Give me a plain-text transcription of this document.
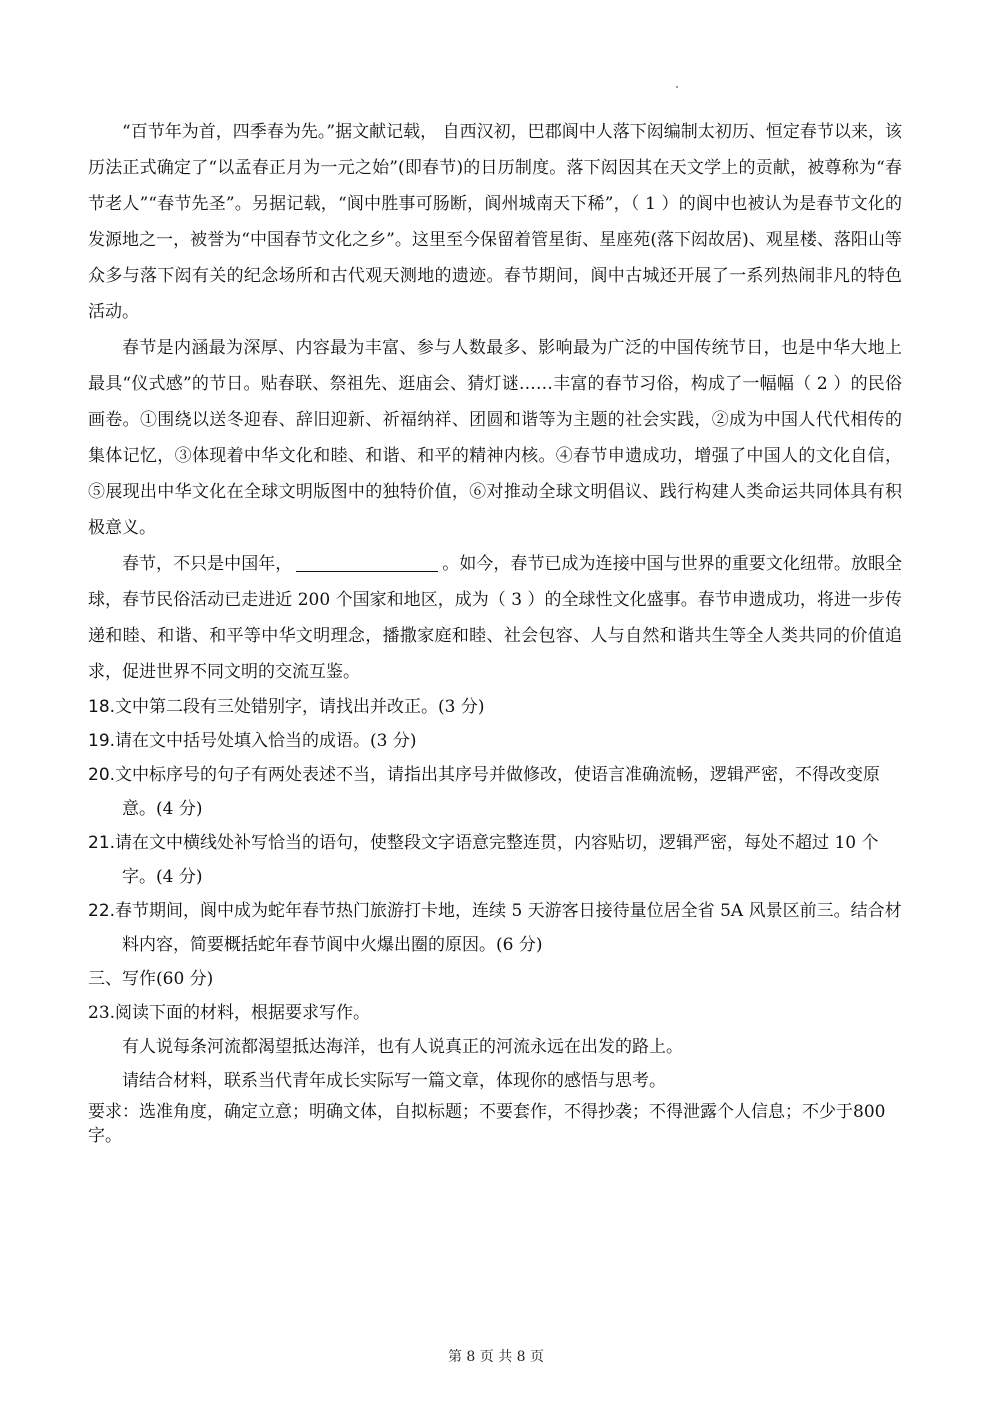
“百节年为首，四季春为先。”据文献记载， 自西汉初，巴郡阆中人落下闳编制太初历、恒定春节以来，该历法正式确定了“以孟春正月为一元之始”(即春节)的日历制度。落下闳因其在天文学上的贡献，被尊称为“春节老人”“春节先圣”。另据记载，“阆中胜事可肠断，阆州城南天下稀”，（ 1 ）的阆中也被认为是春节文化的发源地之一，被誉为“中国春节文化之乡”。这里至今保留着管星街、星座苑(落下闳故居)、观星楼、落阳山等众多与落下闳有关的纪念场所和古代观天测地的遗迹。春节期间，阆中古城还开展了一系列热闹非凡的特色活动。

春节是内涵最为深厚、内容最为丰富、参与人数最多、影响最为广泛的中国传统节日，也是中华大地上最具“仪式感”的节日。贴春联、祭祖先、逛庙会、猜灯谜……丰富的春节习俗，构成了一幅幅（ 2 ）的民俗画卷。①围绕以送冬迎春、辞旧迎新、祈福纳祥、团圆和谐等为主题的社会实践，②成为中国人代代相传的集体记忆，③体现着中华文化和睦、和谐、和平的精神内核。④春节申遗成功，增强了中国人的文化自信，⑤展现出中华文化在全球文明版图中的独特价值，⑥对推动全球文明倡议、践行构建人类命运共同体具有积极意义。

春节，不只是中国年，	。如今，春节已成为连接中国与世界的重要文化纽带。放眼全球，春节民俗活动已走进近 200 个国家和地区，成为（ 3 ）的全球性文化盛事。春节申遗成功，将进一步传递和睦、和谐、和平等中华文明理念，播撒家庭和睦、社会包容、人与自然和谐共生等全人类共同的价值追求，促进世界不同文明的交流互鉴。

18.文中第二段有三处错别字，请找出并改正。(3 分)

19.请在文中括号处填入恰当的成语。(3 分)

20.文中标序号的句子有两处表述不当，请指出其序号并做修改，使语言准确流畅，逻辑严密，不得改变原意。(4 分)

21.请在文中横线处补写恰当的语句，使整段文字语意完整连贯，内容贴切，逻辑严密，每处不超过 10 个字。(4 分)

22.春节期间，阆中成为蛇年春节热门旅游打卡地，连续 5 天游客日接待量位居全省 5A 风景区前三。结合材料内容，简要概括蛇年春节阆中火爆出圈的原因。(6 分)

三、写作(60 分)

23.阅读下面的材料，根据要求写作。

有人说每条河流都渴望抵达海洋，也有人说真正的河流永远在出发的路上。

请结合材料，联系当代青年成长实际写一篇文章，体现你的感悟与思考。

要求：选准角度，确定立意；明确文体，自拟标题；不要套作，不得抄袭；不得泄露个人信息；不少于800 字。

第 8 页 共 8 页
